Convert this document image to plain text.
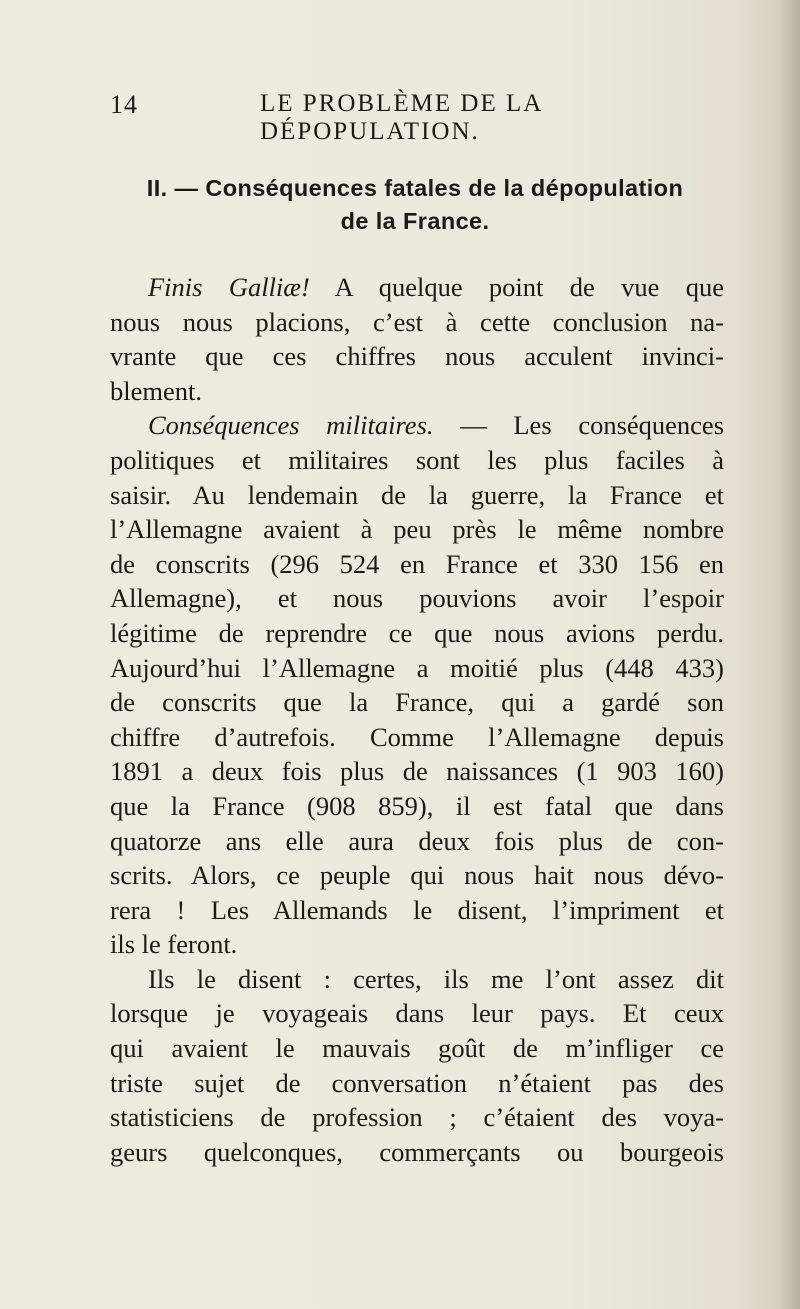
14	LE PROBLÈME DE LA DÉPOPULATION.
II. — Conséquences fatales de la dépopulation
de la France.
Finis Galliæ! A quelque point de vue que
nous nous placions, c’est à cette conclusion na-
vrante que ces chiffres nous acculent invinci-
blement.
Conséquences militaires. — Les conséquences
politiques et militaires sont les plus faciles à
saisir. Au lendemain de la guerre, la France et
l’Allemagne avaient à peu près le même nombre
de conscrits (296 524 en France et 330 156 en
Allemagne), et nous pouvions avoir l’espoir
légitime de reprendre ce que nous avions perdu.
Aujourd’hui l’Allemagne a moitié plus (448 433)
de conscrits que la France, qui a gardé son
chiffre d’autrefois. Comme l’Allemagne depuis
1891 a deux fois plus de naissances (1 903 160)
que la France (908 859), il est fatal que dans
quatorze ans elle aura deux fois plus de con-
scrits. Alors, ce peuple qui nous hait nous dévo-
rera ! Les Allemands le disent, l’impriment et
ils le feront.
Ils le disent : certes, ils me l’ont assez dit
lorsque je voyageais dans leur pays. Et ceux
qui avaient le mauvais goût de m’infliger ce
triste sujet de conversation n’étaient pas des
statisticiens de profession ; c’étaient des voya-
geurs quelconques, commerçants ou bourgeois
